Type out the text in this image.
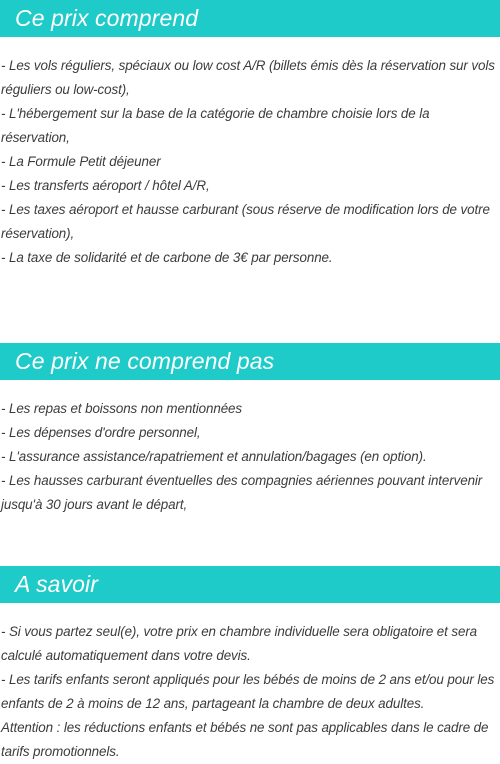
Ce prix comprend
- Les vols réguliers, spéciaux ou low cost A/R (billets émis dès la réservation sur vols réguliers ou low-cost),
- L'hébergement sur la base de la catégorie de chambre choisie lors de la réservation,
- La Formule Petit déjeuner
- Les transferts aéroport / hôtel A/R,
- Les taxes aéroport et hausse carburant (sous réserve de modification lors de votre réservation),
- La taxe de solidarité et de carbone de 3€ par personne.
Ce prix ne comprend pas
- Les repas et boissons non mentionnées
- Les dépenses d'ordre personnel,
- L'assurance assistance/rapatriement et annulation/bagages (en option).
- Les hausses carburant éventuelles des compagnies aériennes pouvant intervenir jusqu'à 30 jours avant le départ,
A savoir
- Si vous partez seul(e), votre prix en chambre individuelle sera obligatoire et sera calculé automatiquement dans votre devis.
- Les tarifs enfants seront appliqués pour les bébés de moins de 2 ans et/ou pour les enfants de 2 à moins de 12 ans, partageant la chambre de deux adultes.
Attention : les réductions enfants et bébés ne sont pas applicables dans le cadre de tarifs promotionnels.
